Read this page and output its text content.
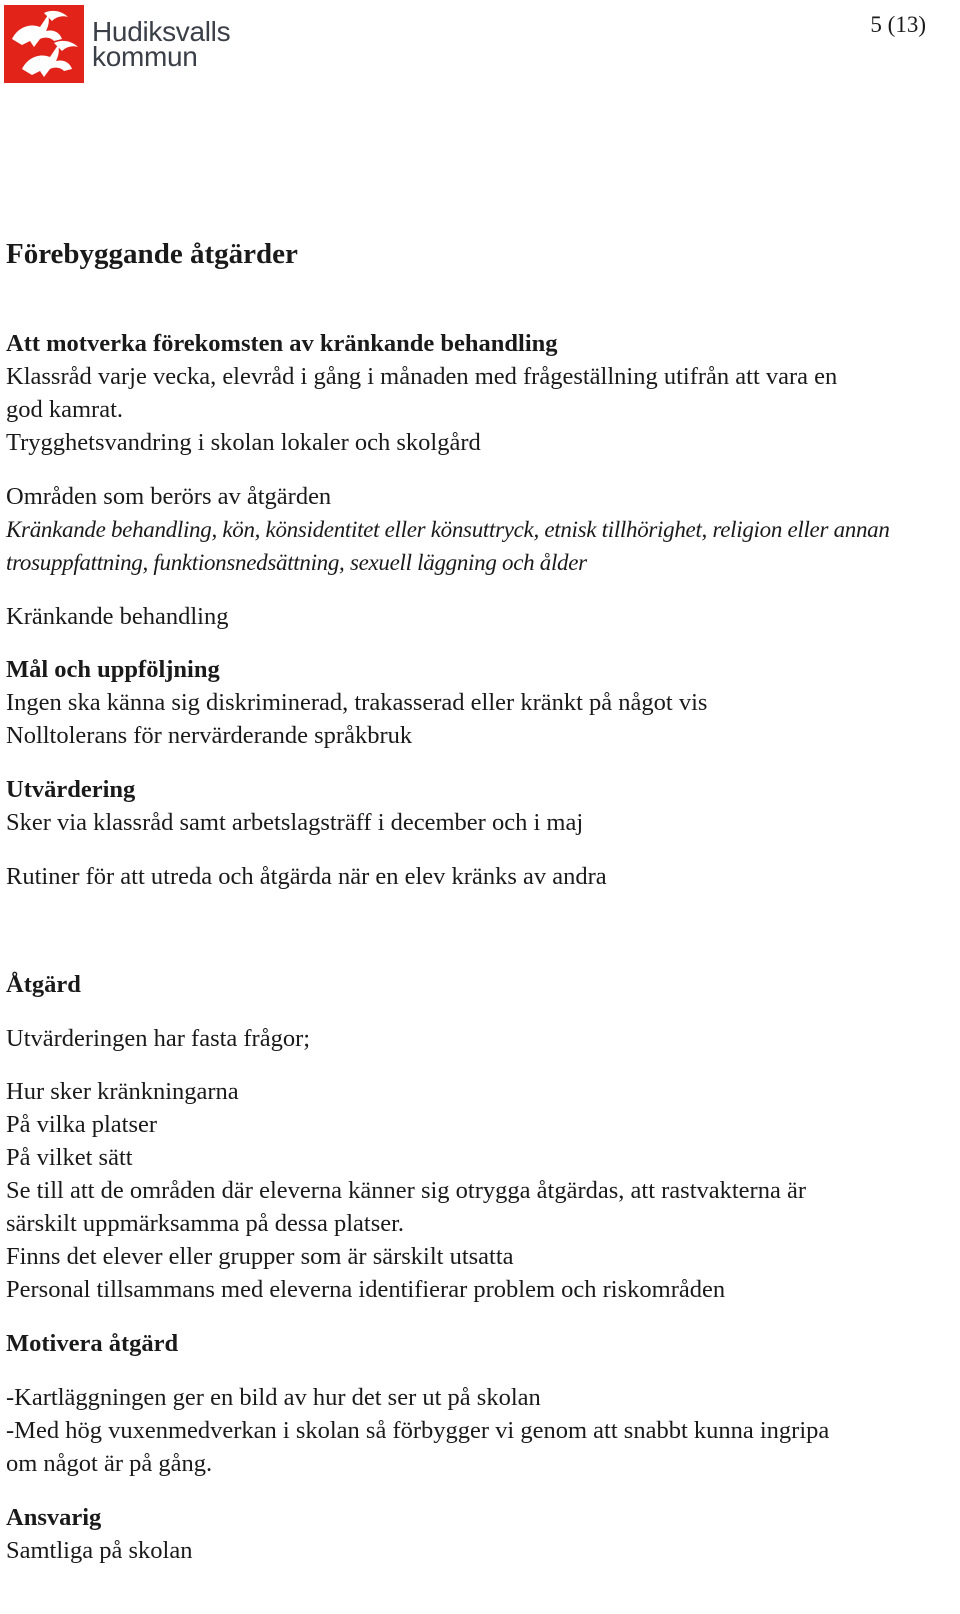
Hudiksvalls
kommun
5 (13)
Förebyggande åtgärder
Att motverka förekomsten av kränkande behandling
Klassråd varje vecka, elevråd i gång i månaden med frågeställning utifrån att vara en
god kamrat.
Trygghetsvandring i skolan lokaler och skolgård
Områden som berörs av åtgärden
Kränkande behandling, kön, könsidentitet eller könsuttryck, etnisk tillhörighet, religion eller annan
trosuppfattning, funktionsnedsättning, sexuell läggning och ålder
Kränkande behandling
Mål och uppföljning
Ingen ska känna sig diskriminerad, trakasserad eller kränkt på något vis
Nolltolerans för nervärderande språkbruk
Utvärdering
Sker via klassråd samt arbetslagsträff i december och i maj
Rutiner för att utreda och åtgärda när en elev kränks av andra
Åtgärd
Utvärderingen har fasta frågor;
Hur sker kränkningarna
På vilka platser
På vilket sätt
Se till att de områden där eleverna känner sig otrygga åtgärdas, att rastvakterna är
särskilt uppmärksamma på dessa platser.
Finns det elever eller grupper som är särskilt utsatta
Personal tillsammans med eleverna identifierar problem och riskområden
Motivera åtgärd
-Kartläggningen ger en bild av hur det ser ut på skolan
-Med hög vuxenmedverkan i skolan så förbygger vi genom att snabbt kunna ingripa
om något är på gång.
Ansvarig
Samtliga på skolan
